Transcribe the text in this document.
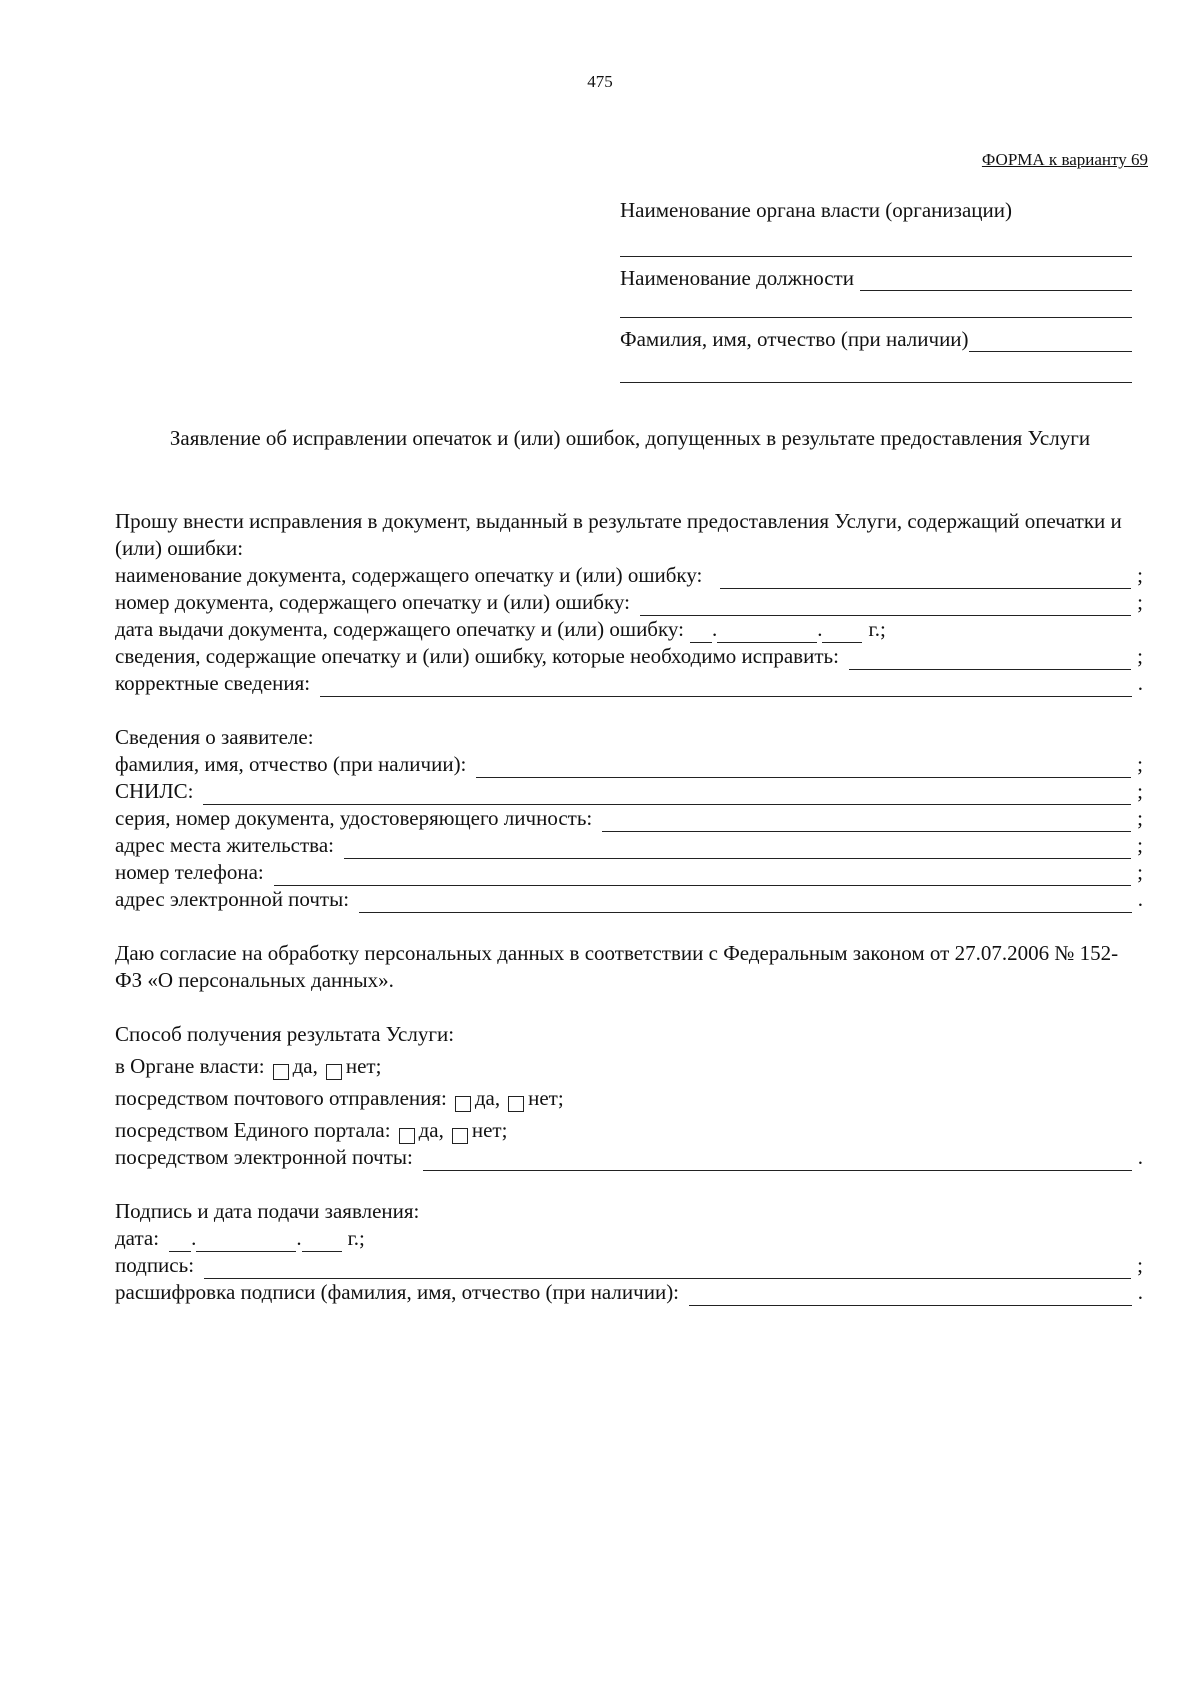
475
ФОРМА к варианту 69
Наименование органа власти (организации)
Наименование должности
Фамилия, имя, отчество (при наличии)
Заявление об исправлении опечаток и (или) ошибок, допущенных в результате предоставления Услуги

Прошу внести исправления в документ, выданный в результате предоставления Услуги, содержащий опечатки и (или) ошибки:

наименование документа, содержащего опечатку и (или) ошибку:	;
номер документа, содержащего опечатку и (или) ошибку:	;
дата выдачи документа, содержащего опечатку и (или) ошибку: .	. г.;
сведения, содержащие опечатку и (или) ошибку, которые необходимо исправить:	;
корректные сведения:	.
Сведения о заявителе:
фамилия, имя, отчество (при наличии):	;
СНИЛС:	;
серия, номер документа, удостоверяющего личность:	;
адрес места жительства:	;
номер телефона:	;
адрес электронной почты:	.

Даю согласие на обработку персональных данных в соответствии с Федеральным законом от 27.07.2006 № 152-ФЗ «О персональных данных».

Способ получения результата Услуги:
в Органе власти: да, нет;
посредством почтового отправления: да, нет;
посредством Единого портала: да, нет;
посредством электронной почты:	.
Подпись и дата подачи заявления:
дата: .	. г.;
подпись:	;
расшифровка подписи (фамилия, имя, отчество (при наличии):	.
